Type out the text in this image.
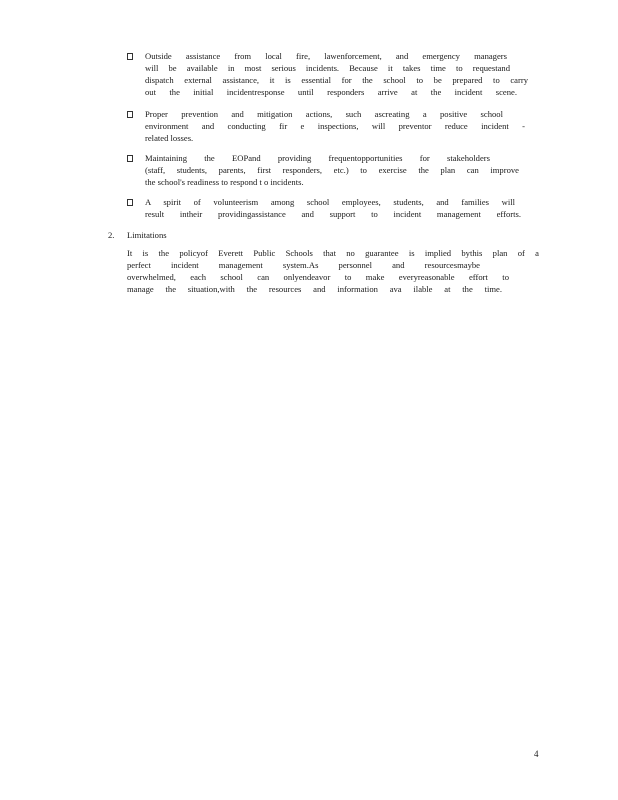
Outside assistance from local fire, lawenforcement, and emergency managers
will be available in most serious incidents. Because it takes time to requestand
dispatch external assistance, it is essential for the school to be prepared to carry
out the initial incidentresponse until responders arrive at the incident scene.
Proper prevention and mitigation actions, such ascreating a positive school
environment and conducting fir e inspections, will preventor reduce incident -
related losses.
Maintaining the EOPand providing frequentopportunities for stakeholders
(staff, students, parents, first responders, etc.) to exercise the plan can improve
the school's readiness to respond t o incidents.
A spirit of volunteerism among school employees, students, and families will
result intheir providingassistance and support to incident management efforts.
2. Limitations
It is the policyof Everett Public Schools that no guarantee is implied bythis plan of a
perfect incident management system.As personnel and resourcesmaybe
overwhelmed, each school can onlyendeavor to make everyreasonable effort to
manage the situation,with the resources and information ava ilable at the time.
4
